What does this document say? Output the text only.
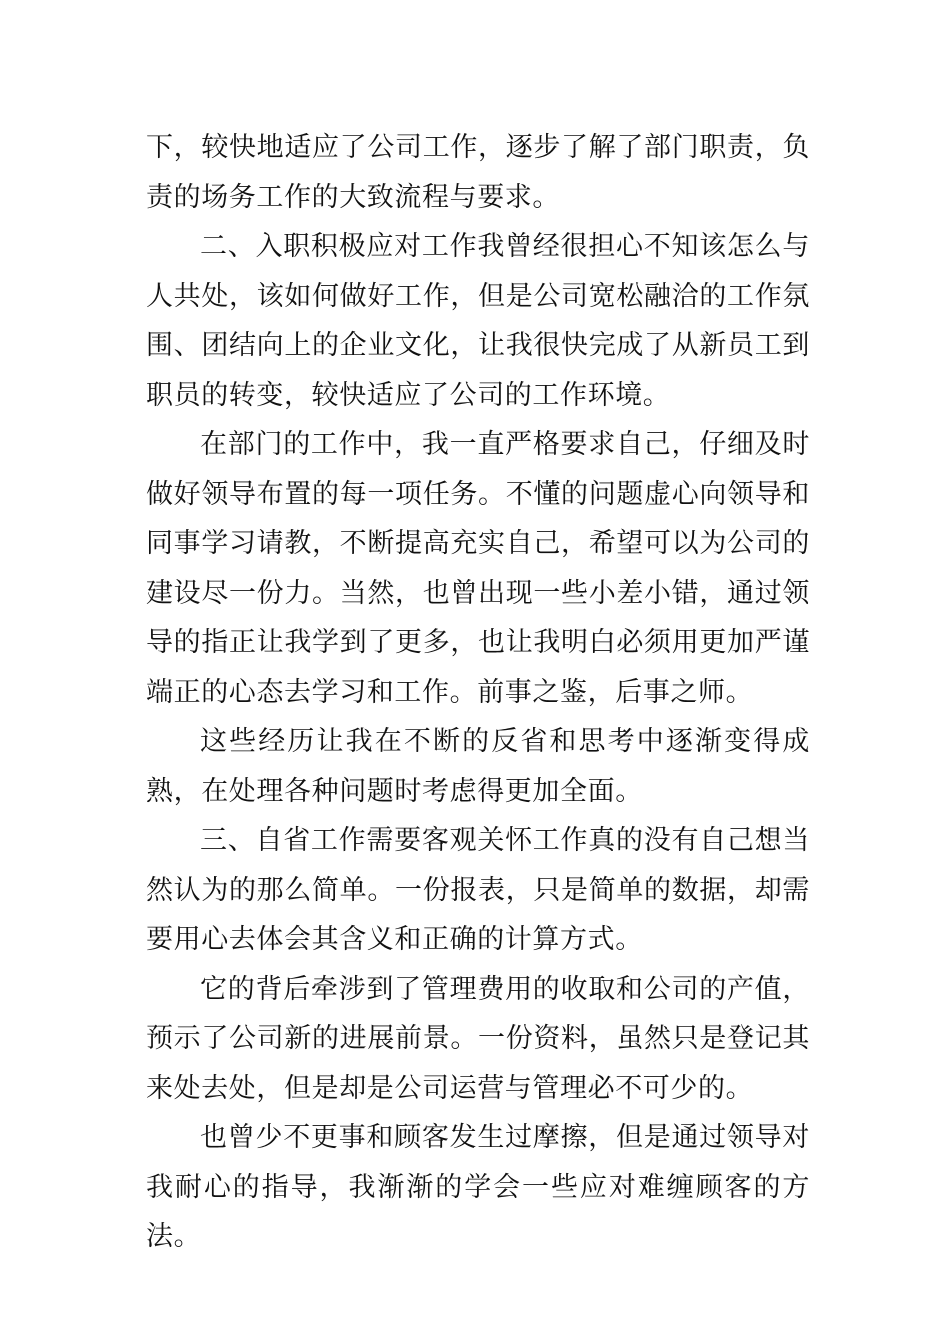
下，较快地适应了公司工作，逐步了解了部门职责，负责的场务工作的大致流程与要求。

二、入职积极应对工作我曾经很担心不知该怎么与人共处，该如何做好工作，但是公司宽松融洽的工作氛围、团结向上的企业文化，让我很快完成了从新员工到职员的转变，较快适应了公司的工作环境。

在部门的工作中，我一直严格要求自己，仔细及时做好领导布置的每一项任务。不懂的问题虚心向领导和同事学习请教，不断提高充实自己，希望可以为公司的建设尽一份力。当然，也曾出现一些小差小错，通过领导的指正让我学到了更多，也让我明白必须用更加严谨端正的心态去学习和工作。前事之鉴，后事之师。

这些经历让我在不断的反省和思考中逐渐变得成熟，在处理各种问题时考虑得更加全面。

三、自省工作需要客观关怀工作真的没有自己想当然认为的那么简单。一份报表，只是简单的数据，却需要用心去体会其含义和正确的计算方式。

它的背后牵涉到了管理费用的收取和公司的产值，预示了公司新的进展前景。一份资料，虽然只是登记其来处去处，但是却是公司运营与管理必不可少的。

也曾少不更事和顾客发生过摩擦，但是通过领导对我耐心的指导，我渐渐的学会一些应对难缠顾客的方法。
